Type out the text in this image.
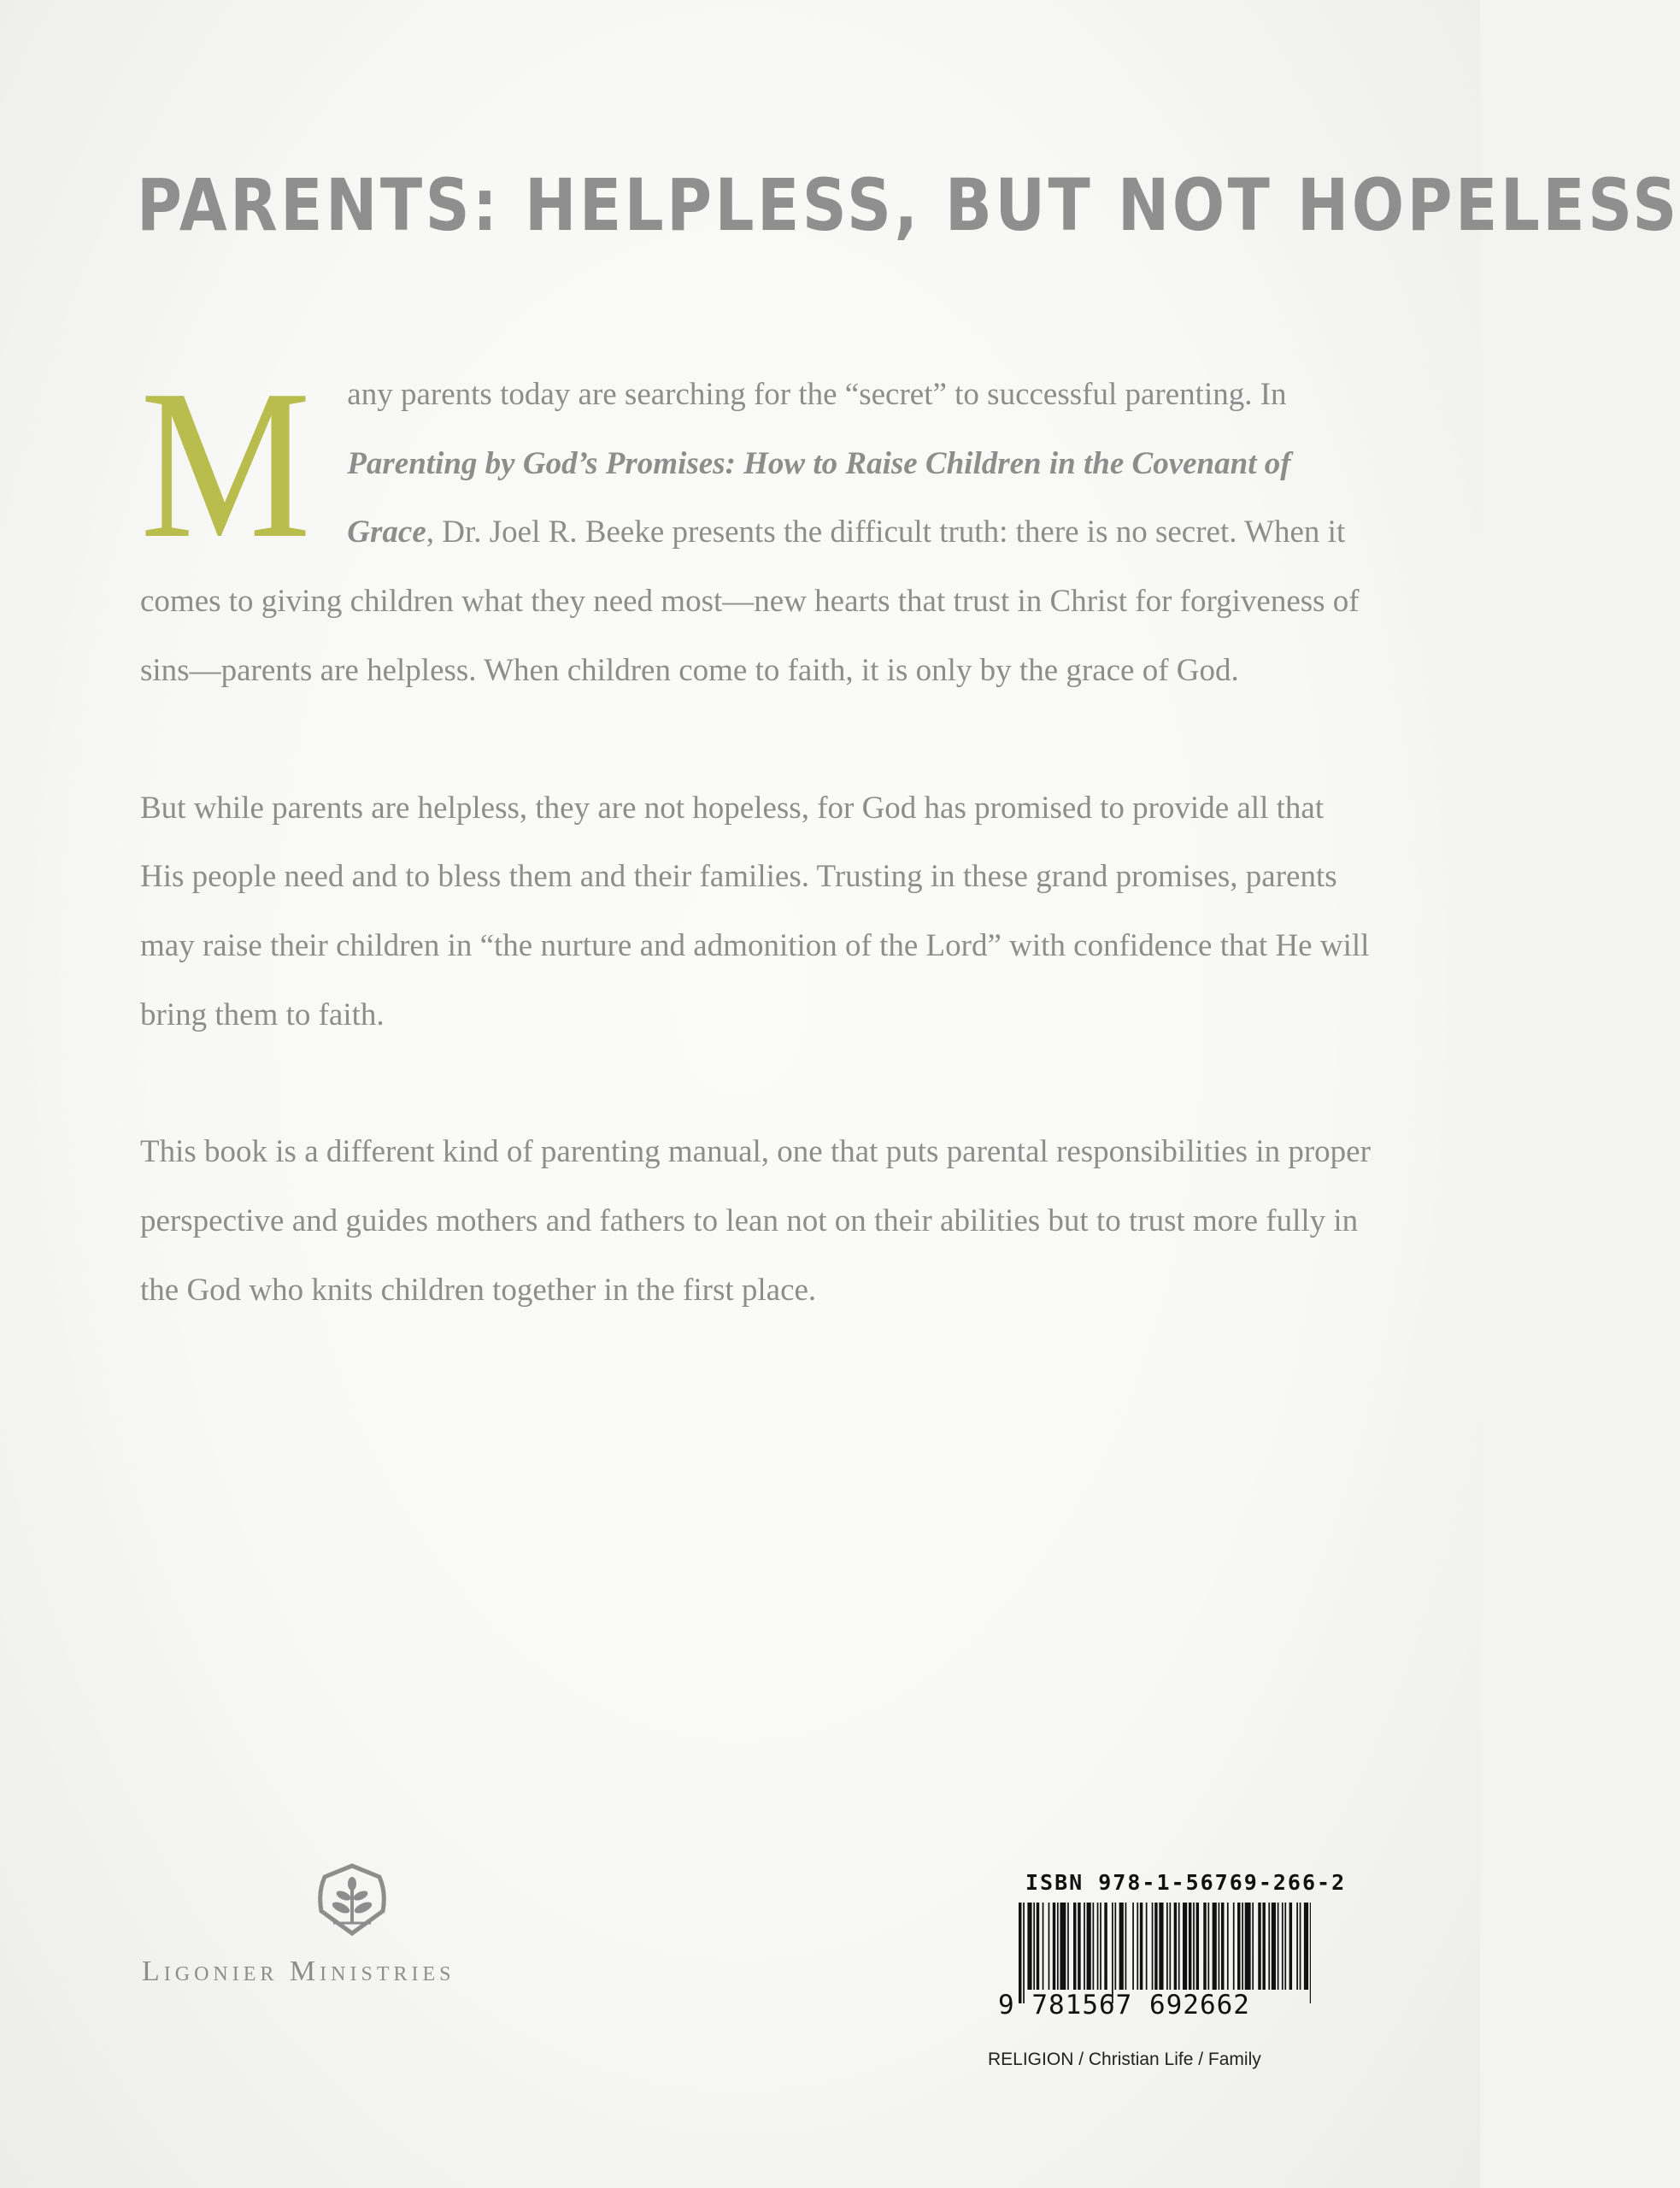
PARENTS: HELPLESS, BUT NOT HOPELESS

M any parents today are searching for the “secret” to successful parenting. In Parenting by God’s Promises: How to Raise Children in the Covenant of Grace, Dr. Joel R. Beeke presents the difficult truth: there is no secret. When it comes to giving children what they need most—new hearts that trust in Christ for forgiveness of sins—parents are helpless. When children come to faith, it is only by the grace of God.

But while parents are helpless, they are not hopeless, for God has promised to provide all that His people need and to bless them and their families. Trusting in these grand promises, parents may raise their children in “the nurture and admonition of the Lord” with confidence that He will bring them to faith.

This book is a different kind of parenting manual, one that puts parental responsibilities in proper perspective and guides mothers and fathers to lean not on their abilities but to trust more fully in the God who knits children together in the first place.

Ligonier Ministries
ISBN 978-1-56769-266-2
9 781567 692662
RELIGION / Christian Life / Family
